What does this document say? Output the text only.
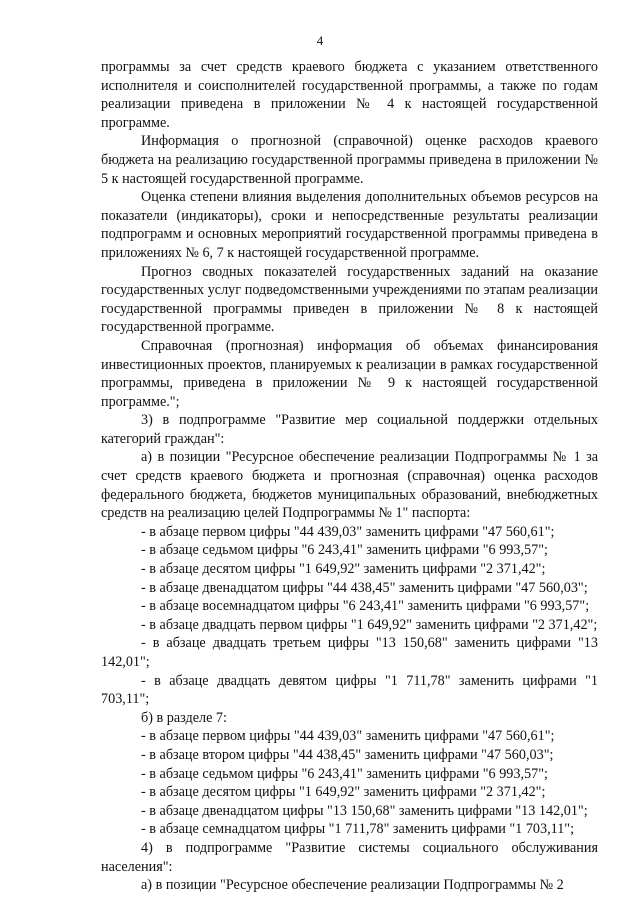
4

программы за счет средств краевого бюджета с указанием ответственного исполнителя и соисполнителей государственной программы, а также по годам реализации приведена в приложении № 4 к настоящей государственной программе.

Информация о прогнозной (справочной) оценке расходов краевого бюджета на реализацию государственной программы приведена в приложении № 5 к настоящей государственной программе.

Оценка степени влияния выделения дополнительных объемов ресурсов на показатели (индикаторы), сроки и непосредственные результаты реализации подпрограмм и основных мероприятий государственной программы приведена в приложениях № 6, 7 к настоящей государственной программе.

Прогноз сводных показателей государственных заданий на оказание государственных услуг подведомственными учреждениями по этапам реализации государственной программы приведен в приложении № 8 к настоящей государственной программе.

Справочная (прогнозная) информация об объемах финансирования инвестиционных проектов, планируемых к реализации в рамках государственной программы, приведена в приложении № 9 к настоящей государственной программе.";

3) в подпрограмме "Развитие мер социальной поддержки отдельных категорий граждан":

а) в позиции "Ресурсное обеспечение реализации Подпрограммы № 1 за счет средств краевого бюджета и прогнозная (справочная) оценка расходов федерального бюджета, бюджетов муниципальных образований, внебюджетных средств на реализацию целей Подпрограммы № 1" паспорта:

- в абзаце первом цифры "44 439,03" заменить цифрами "47 560,61";

- в абзаце седьмом цифры "6 243,41" заменить цифрами "6 993,57";

- в абзаце десятом цифры "1 649,92" заменить цифрами "2 371,42";

- в абзаце двенадцатом цифры "44 438,45" заменить цифрами "47 560,03";

- в абзаце восемнадцатом цифры "6 243,41" заменить цифрами "6 993,57";

- в абзаце двадцать первом цифры "1 649,92" заменить цифрами "2 371,42";

- в абзаце двадцать третьем цифры "13 150,68" заменить цифрами "13 142,01";

- в абзаце двадцать девятом цифры "1 711,78" заменить цифрами "1 703,11";

б) в разделе 7:

- в абзаце первом цифры "44 439,03" заменить цифрами "47 560,61";

- в абзаце втором цифры "44 438,45" заменить цифрами "47 560,03";

- в абзаце седьмом цифры "6 243,41" заменить цифрами "6 993,57";

- в абзаце десятом цифры "1 649,92" заменить цифрами "2 371,42";

- в абзаце двенадцатом цифры "13 150,68" заменить цифрами "13 142,01";

- в абзаце семнадцатом цифры "1 711,78" заменить цифрами "1 703,11";

4) в подпрограмме "Развитие системы социального обслуживания населения":

а) в позиции "Ресурсное обеспечение реализации Подпрограммы № 2
